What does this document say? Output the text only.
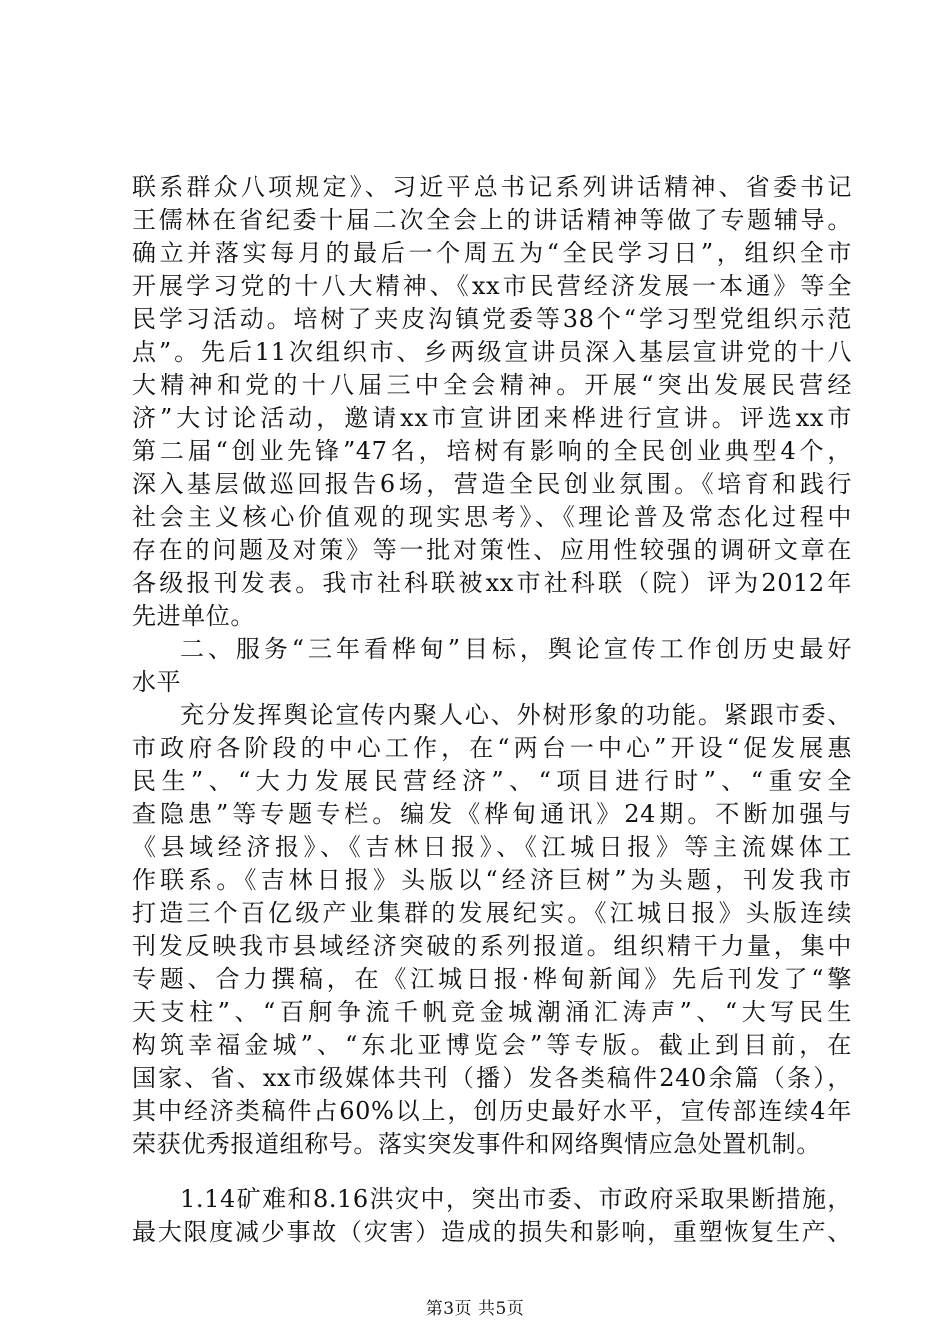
联系群众八项规定》、习近平总书记系列讲话精神、省委书记
王儒林在省纪委十届二次全会上的讲话精神等做了专题辅导。
确立并落实每月的最后一个周五为“全民学习日”，组织全市
开展学习党的十八大精神、《xx市民营经济发展一本通》等全
民学习活动。培树了夹皮沟镇党委等38个“学习型党组织示范
点”。先后11次组织市、乡两级宣讲员深入基层宣讲党的十八
大精神和党的十八届三中全会精神。开展“突出发展民营经
济”大讨论活动，邀请xx市宣讲团来桦进行宣讲。评选xx市
第二届“创业先锋”47名，培树有影响的全民创业典型4个，
深入基层做巡回报告6场，营造全民创业氛围。《培育和践行
社会主义核心价值观的现实思考》、《理论普及常态化过程中
存在的问题及对策》等一批对策性、应用性较强的调研文章在
各级报刊发表。我市社科联被xx市社科联（院）评为2012年
先进单位。
二、服务“三年看桦甸”目标，舆论宣传工作创历史最好
水平
充分发挥舆论宣传内聚人心、外树形象的功能。紧跟市委、
市政府各阶段的中心工作，在“两台一中心”开设“促发展惠
民生”、“大力发展民营经济”、“项目进行时”、“重安全
查隐患”等专题专栏。编发《桦甸通讯》24期。不断加强与
《县域经济报》、《吉林日报》、《江城日报》等主流媒体工
作联系。《吉林日报》头版以“经济巨树”为头题，刊发我市
打造三个百亿级产业集群的发展纪实。《江城日报》头版连续
刊发反映我市县域经济突破的系列报道。组织精干力量，集中
专题、合力撰稿，在《江城日报·桦甸新闻》先后刊发了“擎
天支柱”、“百舸争流千帆竞金城潮涌汇涛声”、“大写民生
构筑幸福金城”、“东北亚博览会”等专版。截止到目前，在
国家、省、xx市级媒体共刊（播）发各类稿件240余篇（条），
其中经济类稿件占60%以上，创历史最好水平，宣传部连续4年
荣获优秀报道组称号。落实突发事件和网络舆情应急处置机制。
1.14矿难和8.16洪灾中，突出市委、市政府采取果断措施，
最大限度减少事故（灾害）造成的损失和影响，重塑恢复生产、
第3页 共5页
